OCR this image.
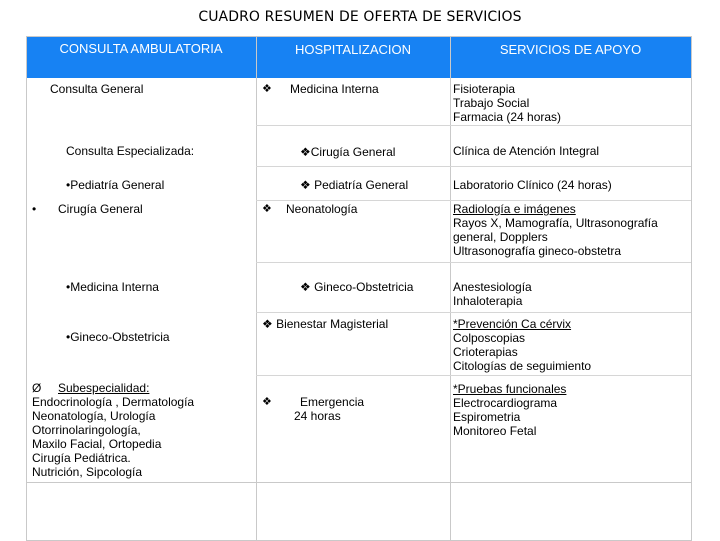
CUADRO RESUMEN DE OFERTA DE SERVICIOS
CONSULTA AMBULATORIA	HOSPITALIZACION	SERVICIOS DE APOYO
Consulta General
Consulta Especializada:
•Pediatría General
• Cirugía General
•Medicina Interna
•Gineco-Obstetricia
Ø Subespecialidad:
Endocrinología , Dermatología
Neonatología, Urología
Otorrinolaringología,
Maxilo Facial, Ortopedia
Cirugía Pediátrica.
Nutrición, Sipcología
❖ Medicina Interna
❖Cirugía General
❖ Pediatría General
❖ Neonatología
❖ Gineco-Obstetricia
❖ Bienestar Magisterial
❖ Emergencia
24 horas
Fisioterapia
Trabajo Social
Farmacia (24 horas)
Clínica de Atención Integral
Laboratorio Clínico (24 horas)
Radiología e imágenes
Rayos X, Mamografía, Ultrasonografía
general, Dopplers
Ultrasonografía gineco-obstetra
Anestesiología
Inhaloterapia
*Prevención Ca cérvix
Colposcopias
Crioterapias
Citologías de seguimiento
*Pruebas funcionales
Electrocardiograma
Espirometria
Monitoreo Fetal
